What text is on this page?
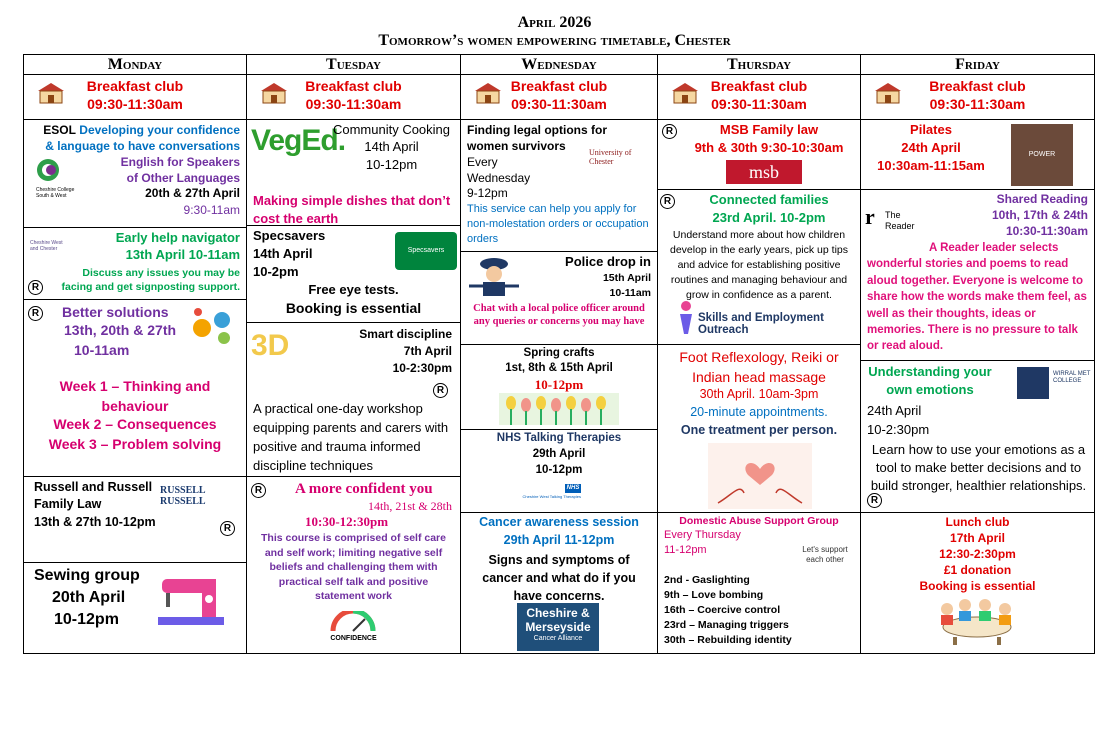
April 2026
Tomorrow’s women empowering timetable, Chester
Monday
Breakfast club
09:30-11:30am
ESOL Developing your confidence & language to have conversations
English for Speakers of Other Languages
20th & 27th April
9:30-11am
Cheshire College South & West
Early help navigator
13th April 10-11am
Discuss any issues you may be facing and get signposting support.
Cheshire West and Chester
R
R Better solutions
13th, 20th & 27th
10-11am
Week 1 – Thinking and behaviour
Week 2 – Consequences
Week 3 – Problem solving
Russell and Russell Family Law
13th & 27th 10-12pm
RUSSELL RUSSELL
R
Sewing group
20th April
10-12pm
Tuesday
Breakfast club
09:30-11:30am
VegEd.
Community Cooking
14th April
10-12pm
Making simple dishes that don’t cost the earth
Specsavers
14th April
10-2pm
Specsavers
Free eye tests.
Booking is essential
3D	Smart discipline
7th April
10-2:30pm
R
A practical one-day workshop equipping parents and carers with positive and trauma informed discipline techniques
R A more confident you
14th, 21st & 28th
10:30-12:30pm
This course is comprised of self care and self work; limiting negative self beliefs and challenging them with practical self talk and positive statement work
CONFIDENCE
Wednesday
Breakfast club
09:30-11:30am
Finding legal options for women survivors
Every Wednesday
9-12pm
University of Chester
This service can help you apply for non-molestation orders or occupation orders
Police drop in
15th April
10-11am
Chat with a local police officer around any queries or concerns you may have
Spring crafts
1st, 8th & 15th April
10-12pm
NHS Talking Therapies
29th April
10-12pm
NHS
Cheshire West Talking Therapies
Cancer awareness session
29th April 11-12pm
Signs and symptoms of cancer and what do if you have concerns.
Cheshire &
Merseyside
Cancer Alliance
Thursday
Breakfast club
09:30-11:30am
R	MSB Family law
9th & 30th 9:30-10:30am
msb
R	Connected families
23rd April. 10-2pm
Understand more about how children develop in the early years, pick up tips and advice for establishing positive routines and managing behaviour and grow in confidence as a parent.
Skills and Employment Outreach
Foot Reflexology, Reiki or Indian head massage
30th April. 10am-3pm
20-minute appointments.
One treatment per person.
Domestic Abuse Support Group
Every Thursday
11-12pm
2nd - Gaslighting
9th – Love bombing
16th – Coercive control
23rd – Managing triggers
30th – Rebuilding identity
Let's support each other
Friday
Breakfast club
09:30-11:30am
Pilates
24th April
10:30am-11:15am
POWER
r The Reader
Shared Reading
10th, 17th & 24th
10:30-11:30am
A Reader leader selects wonderful stories and poems to read aloud together. Everyone is welcome to share how the words make them feel, as well as their thoughts, ideas or memories. There is no pressure to talk or read aloud.
Understanding your own emotions
WIRRAL MET COLLEGE
24th April
10-2:30pm
Learn how to use your emotions as a tool to make better decisions and to build stronger, healthier relationships.
R
Lunch club
17th April
12:30-2:30pm
£1 donation
Booking is essential
